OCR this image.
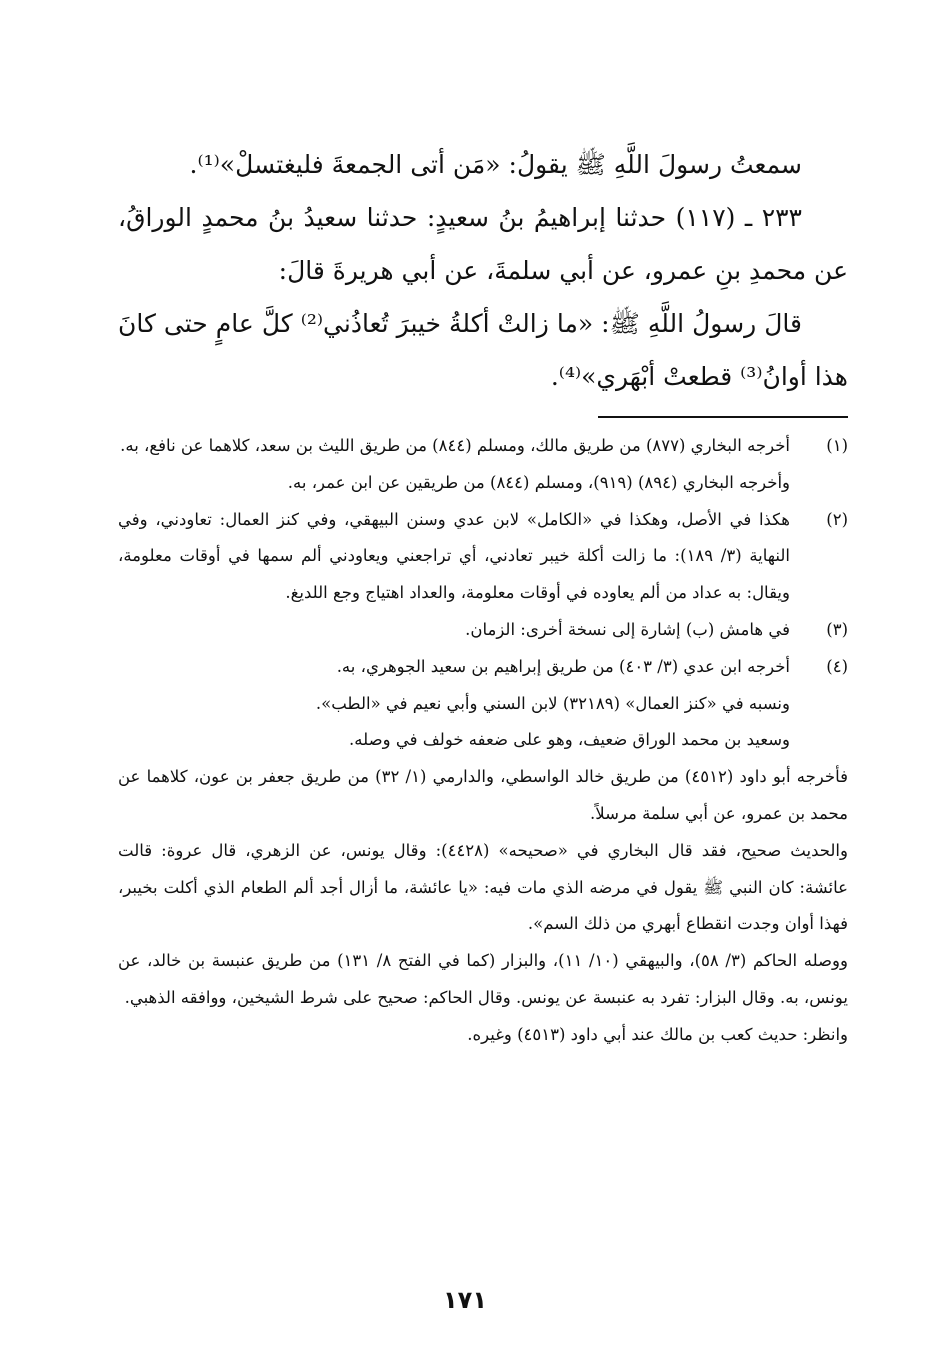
سمعتُ رسولَ اللَّهِ ﷺ يقولُ: «مَن أتى الجمعةَ فليغتسلْ»⁽¹⁾.

٢٣٣ ـ (١١٧) حدثنا إبراهيمُ بنُ سعيدٍ: حدثنا سعيدُ بنُ محمدٍ الوراقُ، عن محمدِ بنِ عمرو، عن أبي سلمةَ، عن أبي هريرةَ قالَ:

قالَ رسولُ اللَّهِ ﷺ: «ما زالتْ أكلةُ خيبرَ تُعاذُني⁽²⁾ كلَّ عامٍ حتى كانَ هذا أوانُ⁽³⁾ قطعتْ أبْهَري»⁽⁴⁾.

(١)

أخرجه البخاري (٨٧٧) من طريق مالك، ومسلم (٨٤٤) من طريق الليث بن سعد، كلاهما عن نافع، به.

وأخرجه البخاري (٨٩٤) (٩١٩)، ومسلم (٨٤٤) من طريقين عن ابن عمر، به.

(٢)

هكذا في الأصل، وهكذا في «الكامل» لابن عدي وسنن البيهقي، وفي كنز العمال: تعاودني، وفي النهاية (٣/ ١٨٩): ما زالت أكلة خيبر تعادني، أي تراجعني ويعاودني ألم سمها في أوقات معلومة، ويقال: به عداد من ألم يعاوده في أوقات معلومة، والعداد اهتياج وجع اللديغ.

(٣)

في هامش (ب) إشارة إلى نسخة أخرى: الزمان.

(٤)

أخرجه ابن عدي (٣/ ٤٠٣) من طريق إبراهيم بن سعيد الجوهري، به.

ونسبه في «كنز العمال» (٣٢١٨٩) لابن السني وأبي نعيم في «الطب».

وسعيد بن محمد الوراق ضعيف، وهو على ضعفه خولف في وصله.

فأخرجه أبو داود (٤٥١٢) من طريق خالد الواسطي، والدارمي (١/ ٣٢) من طريق جعفر بن عون، كلاهما عن محمد بن عمرو، عن أبي سلمة مرسلاً.

والحديث صحيح، فقد قال البخاري في «صحيحه» (٤٤٢٨): وقال يونس، عن الزهري، قال عروة: قالت عائشة: كان النبي ﷺ يقول في مرضه الذي مات فيه: «يا عائشة، ما أزال أجد ألم الطعام الذي أكلت بخيبر، فهذا أوان وجدت انقطاع أبهري من ذلك السم».

ووصله الحاكم (٣/ ٥٨)، والبيهقي (١٠/ ١١)، والبزار (كما في الفتح ٨/ ١٣١) من طريق عنبسة بن خالد، عن يونس، به. وقال البزار: تفرد به عنبسة عن يونس. وقال الحاكم: صحيح على شرط الشيخين، ووافقه الذهبي.

وانظر: حديث كعب بن مالك عند أبي داود (٤٥١٣) وغيره.

١٧١
